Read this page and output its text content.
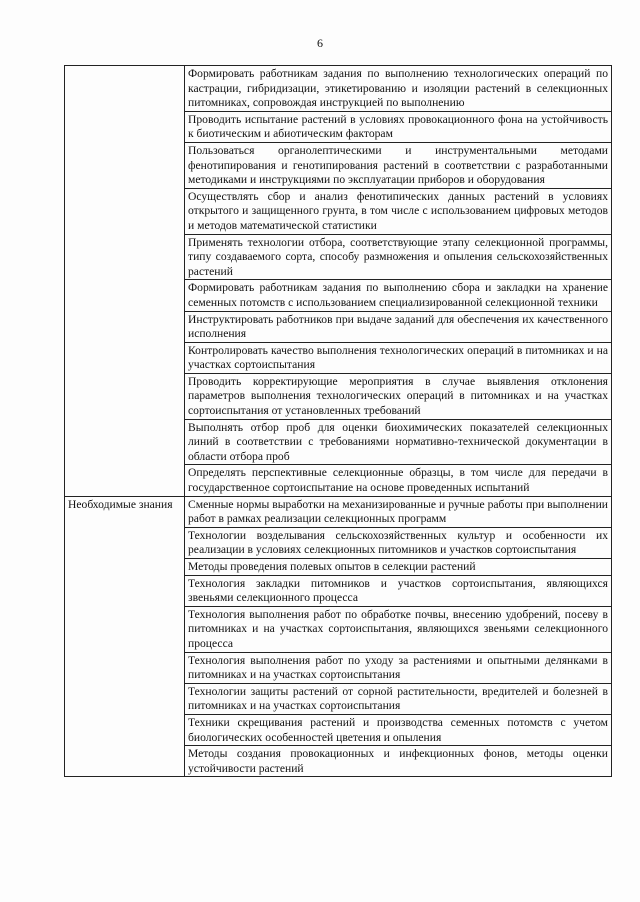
6
	Формировать работникам задания по выполнению технологических операций по кастрации, гибридизации, этикетированию и изоляции растений в селекционных питомниках, сопровождая инструкцией по выполнению
	Проводить испытание растений в условиях провокационного фона на устойчивость к биотическим и абиотическим факторам
	Пользоваться органолептическими и инструментальными методами фенотипирования и генотипирования растений в соответствии с разработанными методиками и инструкциями по эксплуатации приборов и оборудования
	Осуществлять сбор и анализ фенотипических данных растений в условиях открытого и защищенного грунта, в том числе с использованием цифровых методов и методов математической статистики
	Применять технологии отбора, соответствующие этапу селекционной программы, типу создаваемого сорта, способу размножения и опыления сельскохозяйственных растений
	Формировать работникам задания по выполнению сбора и закладки на хранение семенных потомств с использованием специализированной селекционной техники
	Инструктировать работников при выдаче заданий для обеспечения их качественного исполнения
	Контролировать качество выполнения технологических операций в питомниках и на участках сортоиспытания
	Проводить корректирующие мероприятия в случае выявления отклонения параметров выполнения технологических операций в питомниках и на участках сортоиспытания от установленных требований
	Выполнять отбор проб для оценки биохимических показателей селекционных линий в соответствии с требованиями нормативно-технической документации в области отбора проб
	Определять перспективные селекционные образцы, в том числе для передачи в государственное сортоиспытание на основе проведенных испытаний
Необходимые знания	Сменные нормы выработки на механизированные и ручные работы при выполнении работ в рамках реализации селекционных программ
	Технологии возделывания сельскохозяйственных культур и особенности их реализации в условиях селекционных питомников и участков сортоиспытания
	Методы проведения полевых опытов в селекции растений
	Технология закладки питомников и участков сортоиспытания, являющихся звеньями селекционного процесса
	Технология выполнения работ по обработке почвы, внесению удобрений, посеву в питомниках и на участках сортоиспытания, являющихся звеньями селекционного процесса
	Технология выполнения работ по уходу за растениями и опытными делянками в питомниках и на участках сортоиспытания
	Технологии защиты растений от сорной растительности, вредителей и болезней в питомниках и на участках сортоиспытания
	Техники скрещивания растений и производства семенных потомств с учетом биологических особенностей цветения и опыления
	Методы создания провокационных и инфекционных фонов, методы оценки устойчивости растений
